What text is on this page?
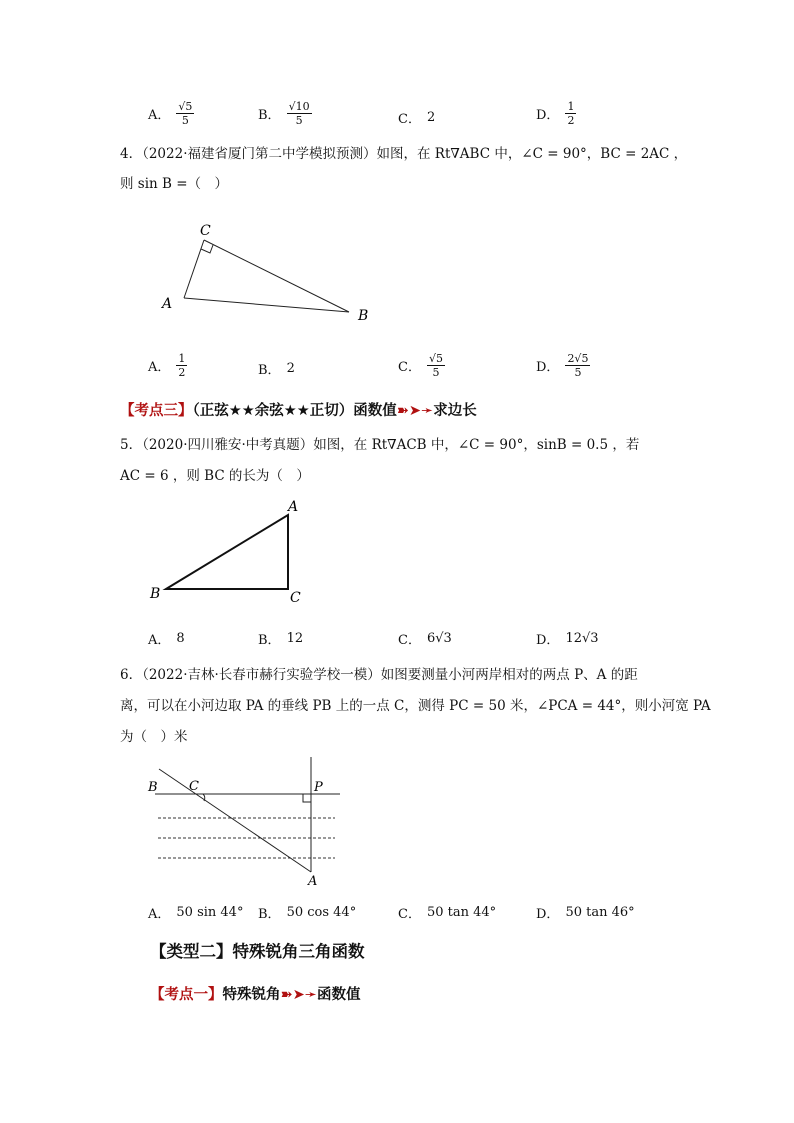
A． $\frac{√5}{5}$	B． $\frac{√10}{5}$	C． 2	D． $\frac{1}{2}$
4．（2022·福建省厦门第二中学模拟预测）如图，在 Rt∇ABC 中，∠C = 90°，BC = 2AC ，
则 sin B =（　）
C
A
B
A． $\frac{1}{2}$	B． 2	C． $\frac{√5}{5}$	D． $\frac{2√5}{5}$
【考点三】（正弦★★余弦★★正切）函数值➽➤➛求边长
5．（2020·四川雅安·中考真题）如图，在 Rt∇ACB 中，∠C = 90°，sinB = 0.5 ，若
AC = 6 ，则 BC 的长为（　）
A
B	C
A． 8	B． 12	C． 6√3	D． 12√3
6．（2022·吉林·长春市赫行实验学校一模）如图要测量小河两岸相对的两点 P、A 的距
离，可以在小河边取 PA 的垂线 PB 上的一点 C，测得 PC = 50 米，∠PCA = 44°，则小河宽 PA
为（　）米
B C	P
A
A． 50 sin 44° B． 50 cos 44°	C． 50 tan 44°	D． 50 tan 46°
【类型二】特殊锐角三角函数
【考点一】特殊锐角➽➤➛函数值
